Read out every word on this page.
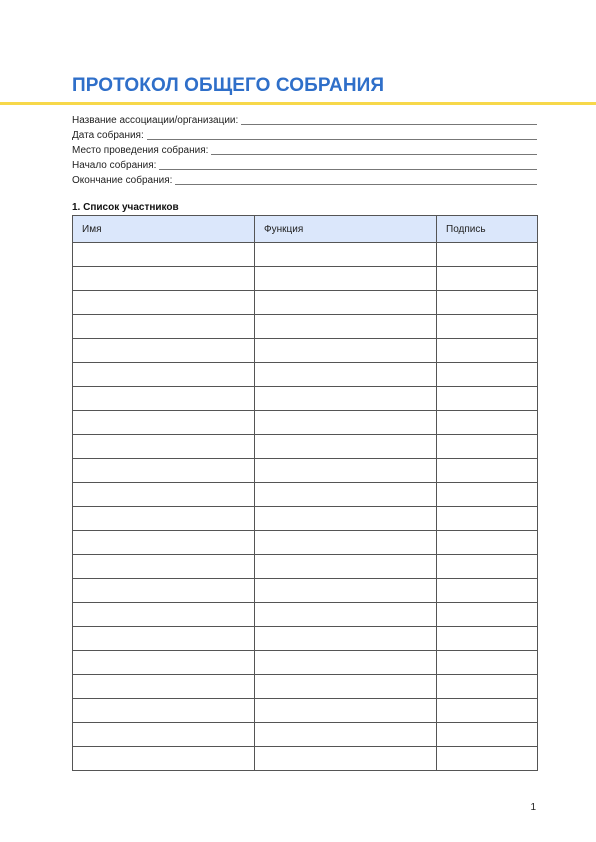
ПРОТОКОЛ ОБЩЕГО СОБРАНИЯ
Название ассоциации/организации:
Дата собрания:
Место проведения собрания:
Начало собрания:
Окончание собрания:
1. Список участников
Имя	Функция	Подпись

1
